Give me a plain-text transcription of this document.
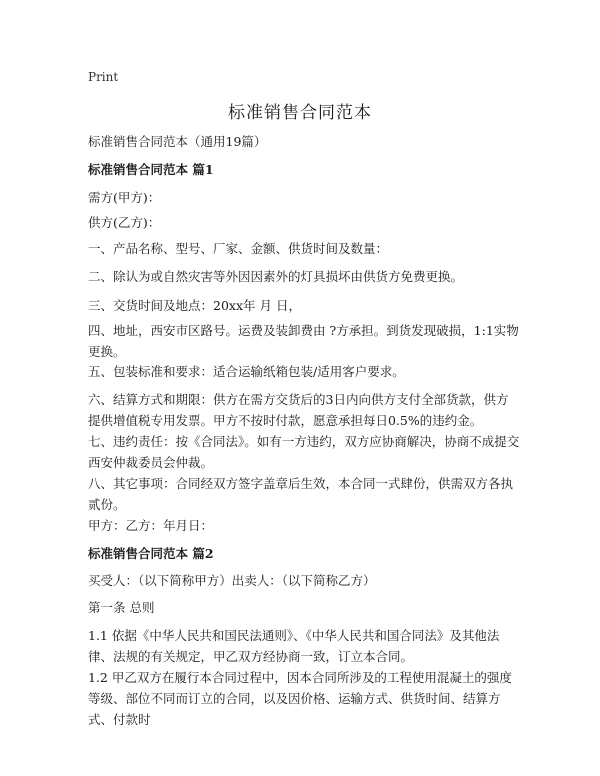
Print
标准销售合同范本
标准销售合同范本（通用19篇）
标准销售合同范本 篇1
需方(甲方)：
供方(乙方)：
一、产品名称、型号、厂家、金额、供货时间及数量：
二、除认为或自然灾害等外因因素外的灯具损坏由供货方免费更换。
三、交货时间及地点：20xx年 月 日，
四、地址，西安市区路号。运费及装卸费由 ?方承担。到货发现破损，1:1实物更换。
五、包装标准和要求：适合运输纸箱包装/适用客户要求。
六、结算方式和期限：供方在需方交货后的3日内向供方支付全部货款，供方提供增值税专用发票。甲方不按时付款，愿意承担每日0.5%的违约金。
七、违约责任：按《合同法》。如有一方违约，双方应协商解决，协商不成提交西安仲裁委员会仲裁。
八、其它事项：合同经双方签字盖章后生效，本合同一式肆份，供需双方各执贰份。
甲方：乙方：年月日：
标准销售合同范本 篇2
买受人：（以下简称甲方）出卖人：（以下简称乙方）
第一条 总则
1.1 依据《中华人民共和国民法通则》、《中华人民共和国合同法》及其他法律、法规的有关规定，甲乙双方经协商一致，订立本合同。
1.2 甲乙双方在履行本合同过程中，因本合同所涉及的工程使用混凝土的强度等级、部位不同而订立的合同，以及因价格、运输方式、供货时间、结算方式、付款时
